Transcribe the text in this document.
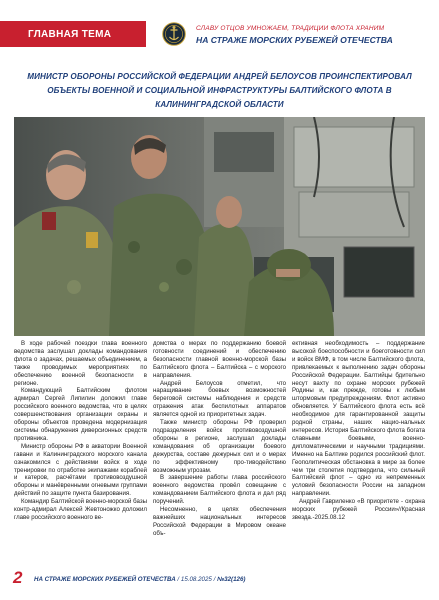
ГЛАВНАЯ ТЕМА	СЛАВУ ОТЦОВ УМНОЖАЕМ, ТРАДИЦИИ ФЛОТА ХРАНИМ
НА СТРАЖЕ МОРСКИХ РУБЕЖЕЙ ОТЕЧЕСТВА
МИНИСТР ОБОРОНЫ РОССИЙСКОЙ ФЕДЕРАЦИИ АНДРЕЙ БЕЛОУСОВ ПРОИНСПЕКТИРОВАЛ ОБЪЕКТЫ ВОЕННОЙ И СОЦИАЛЬНОЙ ИНФРАСТРУКТУРЫ БАЛТИЙСКОГО ФЛОТА В КАЛИНИНГРАДСКОЙ ОБЛАСТИ

В ходе рабочей поездки глава военного ведомства заслушал доклады командования флота о задачах, решаемых объединением, а также проводимых мероприятиях по обеспечению военной безопасности в регионе.

Командующий Балтийским флотом адмирал Сергей Липилин доложил главе российского военного ведомства, что в целях совершенствования организации охраны и обороны объектов проведена модернизация системы обнаружения диверсионных средств противника.

Министр обороны РФ в акватории Военной гавани и Калининградского морского канала ознакомился с действиями войск в ходе тренировки по отработке экипажами кораблей и катеров, расчётами противовоздушной обороны и манёвренными огневыми группами действий по защите пункта базирования.

Командир Балтийской военно-морской базы контр-адмирал Алексей Жевтоножко доложил главе российского военного ве-

домства о мерах по поддержанию боевой готовности соединений и обеспечению безопасности главной военно-морской базы Балтийского флота – Балтийска – с морского направления.

Андрей Белоусов отметил, что наращивание боевых возможностей береговой системы наблюдения и средств отражения атак беспилотных аппаратов является одной из приоритетных задач.

Также министр обороны РФ проверил подразделения войск противовоздушной обороны в регионе, заслушал доклады командования об организации боевого дежурства, составе дежурных сил и о мерах по эффективному про-тиводействию возможным угрозам.

В завершение работы глава российского военного ведомства провёл совещание с командованием Балтийского флота и дал ряд поручений.

Несомненно, в целях обеспечения важнейших национальных интересов Российской Федерации в Мировом океане объ-

ективная необходимость – поддержание высокой боеспособности и боеготовности сил и войск ВМФ, в том числе Балтийского флота, привлекаемых к выполнению задач обороны Российской Федерации. Балтийцы бдительно несут вахту по охране морских рубежей Родины и, как прежде, готовы к любым штормовым предупреждениям. Флот активно обновляется. У Балтийского флота есть всё необходимое для гарантированной защиты родной страны, наших нацио-нальных интересов. История Балтийского флота богата славными боевыми, военно-дипломатическими и научными традициями. Именно на Балтике родился российский флот. Геополитическая обстановка в мире за более чем три столетия подтвердила, что сильный Балтийский флот – одно из непременных условий безопасности России на западном направлении.

Андрей Гавриленко «В приоритете - охрана морских рубежей России»//Красная звезда.-2025.08.12

2 НА СТРАЖЕ МОРСКИХ РУБЕЖЕЙ ОТЕЧЕСТВА / 15.08.2025 / №32(126)
